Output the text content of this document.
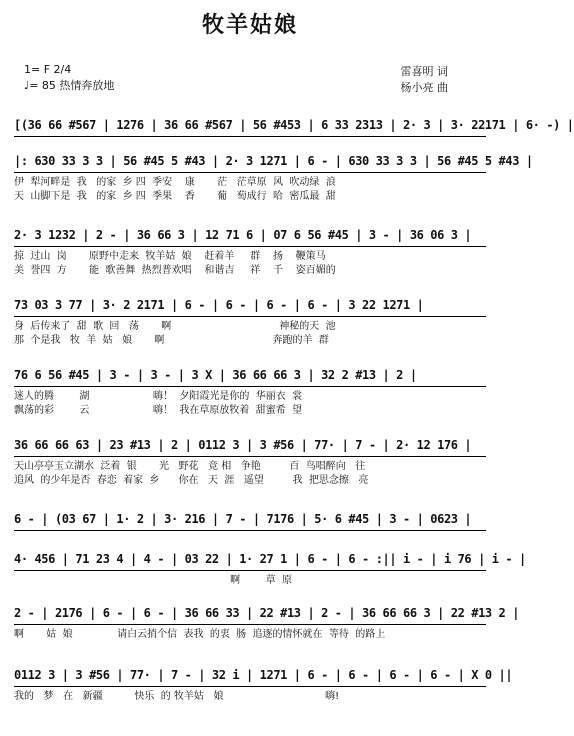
牧羊姑娘
1= F 2/4
♩= 85 热情奔放地
雷喜明 词
杨小亮 曲
[(36 66 #567 | 1276 | 36 66 #567 | 56 #453 | 6 33 2313 | 2· 3 | 3· 22171 | 6· -) |
|: 630 33 3 3 | 56 #45 5 #43 | 2· 3 1271 | 6 - | 630 33 3 3 | 56 #45 5 #43 |
伊  犁河畔是  我   的家  乡 四  季安    康       茫   茫草原  风  吹动绿  浪
天  山脚下是  我   的家  乡 四  季果    香       葡   萄成行  哈  密瓜最  甜
2· 3 1232 | 2 - | 36 66 3 | 12 71 6 | 07 6 56 #45 | 3 - | 36 06 3 |
掠  过山  岗       原野中走来  牧羊姑  娘    赶着羊     群    扬    鞭策马
美  誉四  方       能  歌善舞  热烈普欢唱    和谐吉     祥    千    姿百媚的
73 03 3 77 | 3· 2 2171 | 6 - | 6 - | 6 - | 6 - | 3 22 1271 |
身  后传来了  甜  歌  回   荡       啊                                  神秘的天  池
那  个是我   牧  羊  姑   娘       啊                                  奔跑的羊  群
76 6 56 #45 | 3 - | 3 - | 3 X | 36 66 66 3 | 32 2 #13 | 2 |
迷人的腾        湖                    嗨！  夕阳霞光是你的  华丽衣  裳
飘荡的彩        云                    嗨！  我在草原放牧着  甜蜜希  望
36 66 66 63 | 23 #13 | 2 | 0112 3 | 3 #56 | 77· | 7 - | 2· 12 176 |
天山亭亭玉立湖水  泛着  银       光   野花   竞 相   争艳         百  鸟唱醉向   往
追风  的少年是否  春恋  着家  乡      你在   天  涯   遥望         我  把思念擦   亮
6 - | (03 67 | 1· 2 | 3· 216 | 7 - | 7176 | 5· 6 #45 | 3 - | 0623 |
4· 456 | 71 23 4 | 4 - | 03 22 | 1· 27 1 | 6 - | 6 - :|| i - | i 76 | i - |
啊        草  原
2 - | 2176 | 6 - | 6 - | 36 66 33 | 22 #13 | 2 - | 36 66 66 3 | 22 #13 2 |
啊       姑  娘              请白云捎个信  表我  的衷  肠  追逐的情怀就在  等待  的路上
0112 3 | 3 #56 | 77· | 7 - | 32 i | 1271 | 6 - | 6 - | 6 - | 6 - | X 0 ||
我的   梦   在   新疆          快乐  的 牧羊姑   娘                                嗨!
